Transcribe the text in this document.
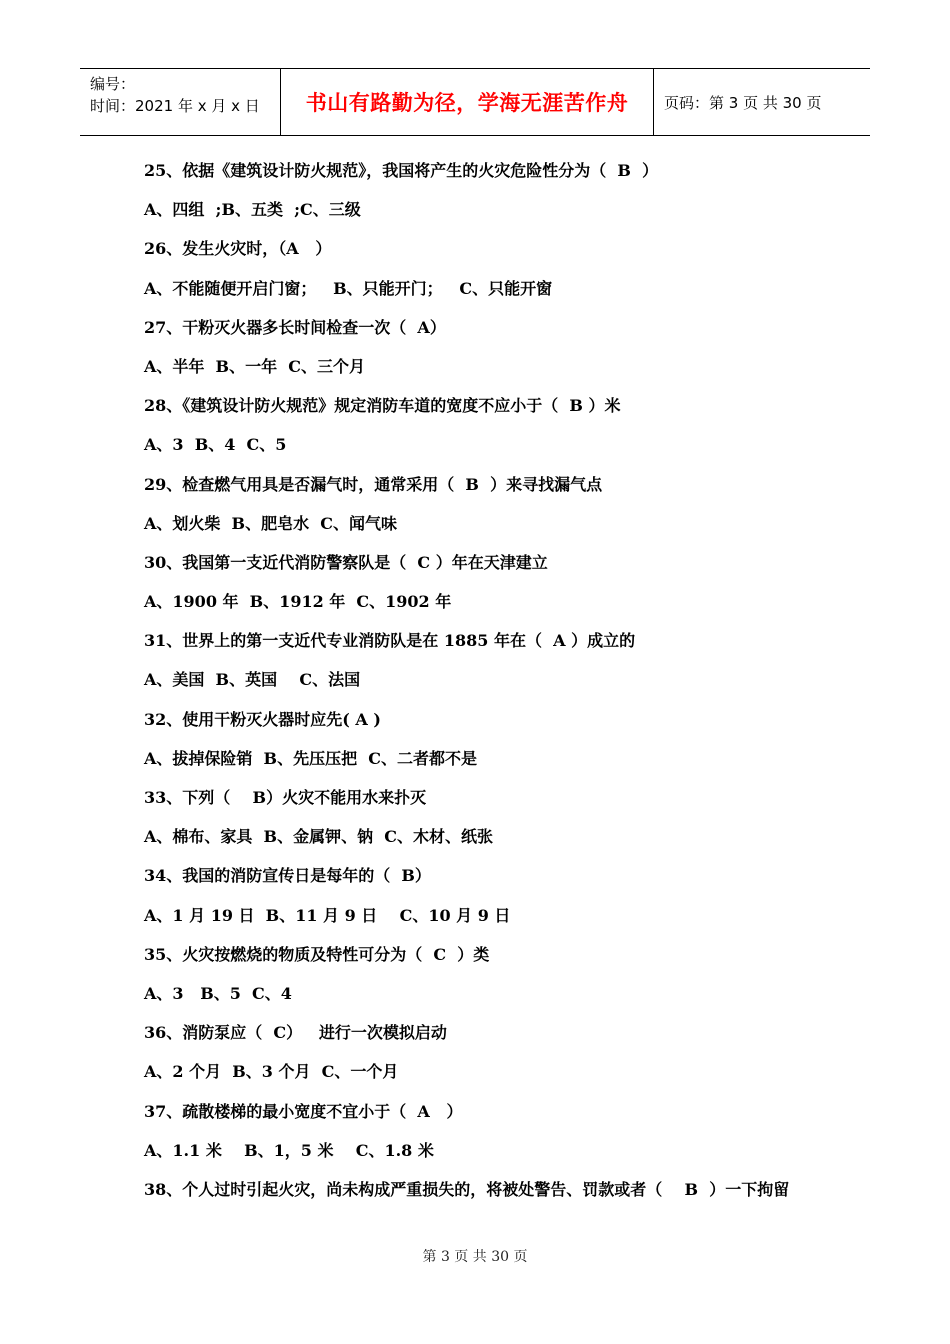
编号：
时间：2021 年 x 月 x 日	书山有路勤为径，学海无涯苦作舟	页码：第 3 页 共 30 页
25、依据《建筑设计防火规范》，我国将产生的火灾危险性分为（  B  ）
A、四组  ;B、五类  ;C、三级
26、发生火灾时，（A   ）
A、不能随便开启门窗；   B、只能开门；   C、只能开窗
27、干粉灭火器多长时间检查一次（  A）
A、半年  B、一年  C、三个月
28、《建筑设计防火规范》规定消防车道的宽度不应小于（  B ）米
A、3  B、4  C、5
29、检查燃气用具是否漏气时，通常采用（  B  ）来寻找漏气点
A、划火柴  B、肥皂水  C、闻气味
30、我国第一支近代消防警察队是（  C ）年在天津建立
A、1900 年  B、1912 年  C、1902 年
31、世界上的第一支近代专业消防队是在 1885 年在（  A ）成立的
A、美国  B、英国    C、法国
32、使用干粉灭火器时应先( A )
A、拔掉保险销  B、先压压把  C、二者都不是
33、下列（    B）火灾不能用水来扑灭
A、棉布、家具  B、金属钾、钠  C、木材、纸张
34、我国的消防宣传日是每年的（  B）
A、1 月 19 日  B、11 月 9 日    C、10 月 9 日
35、火灾按燃烧的物质及特性可分为（  C  ）类
A、3   B、5  C、4
36、消防泵应（  C）   进行一次模拟启动
A、2 个月  B、3 个月  C、一个月
37、疏散楼梯的最小宽度不宜小于（  A   ）
A、1.1 米    B、1，5 米    C、1.8 米
38、个人过时引起火灾，尚未构成严重损失的，将被处警告、罚款或者（    B  ）一下拘留
第 3 页 共 30 页
